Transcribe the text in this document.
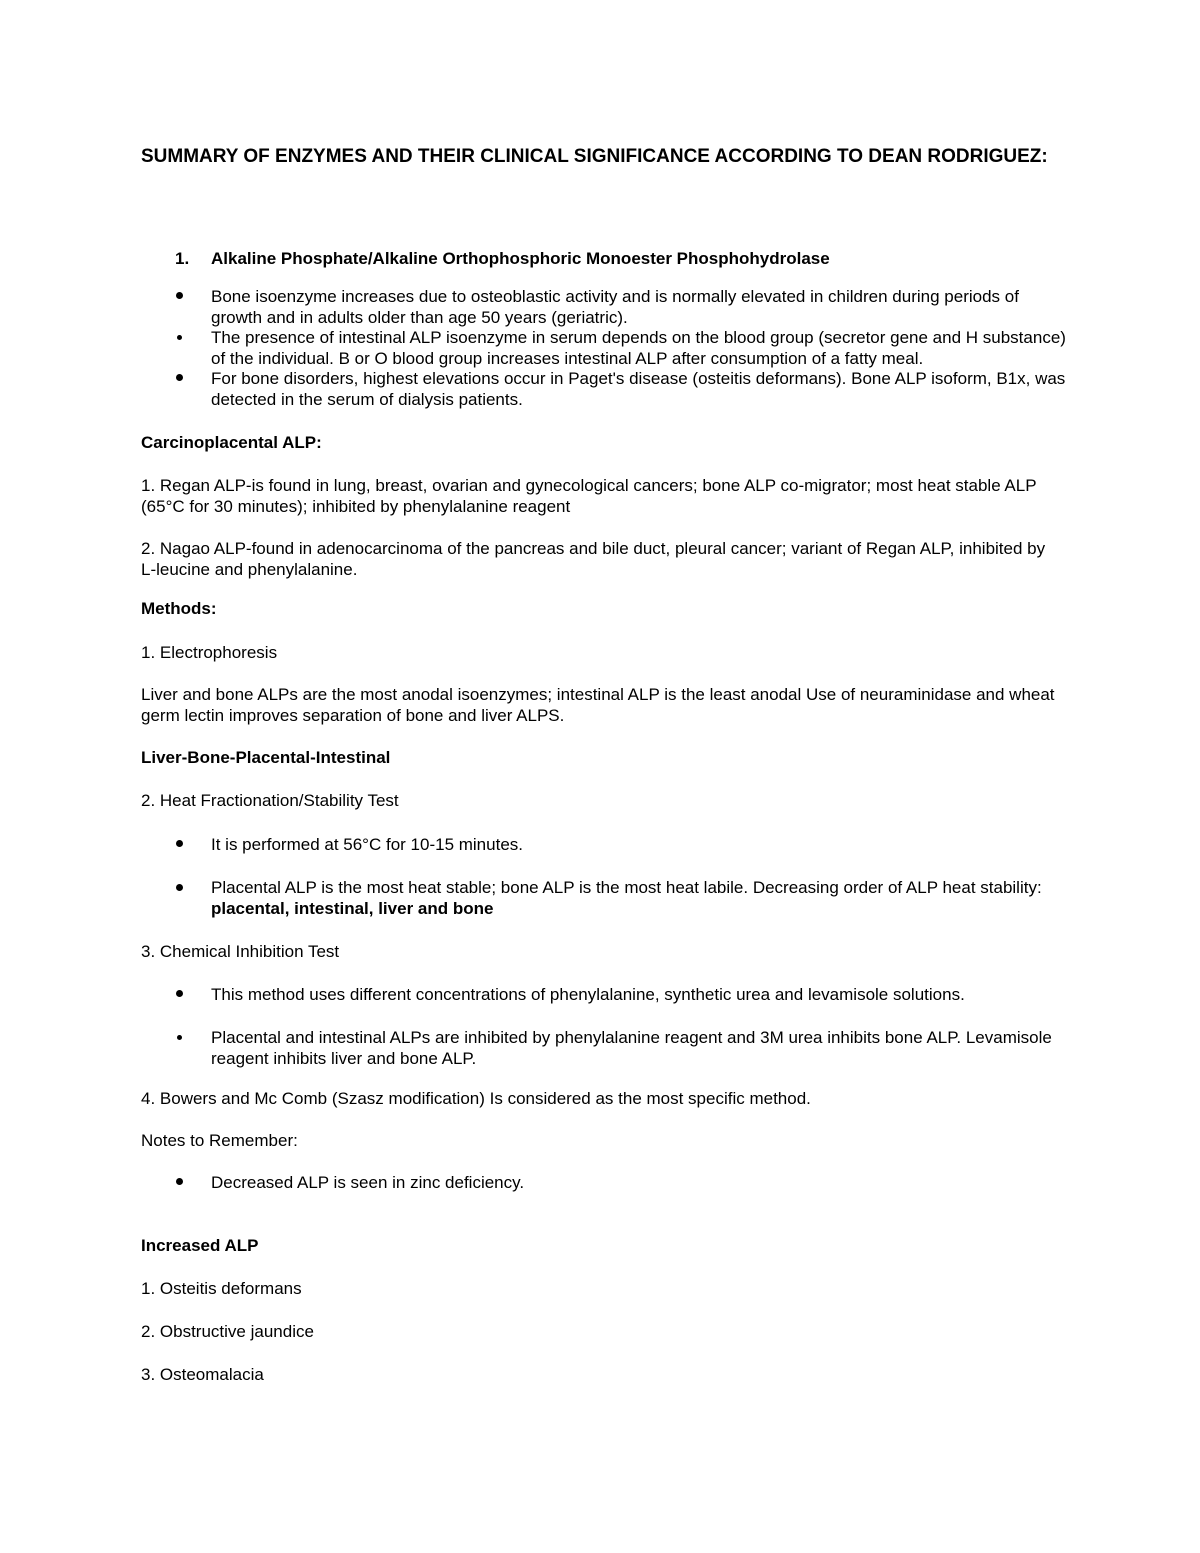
SUMMARY OF ENZYMES AND THEIR CLINICAL SIGNIFICANCE ACCORDING TO DEAN RODRIGUEZ:
1. Alkaline Phosphate/Alkaline Orthophosphoric Monoester Phosphohydrolase
Bone isoenzyme increases due to osteoblastic activity and is normally elevated in children during periods of growth and in adults older than age 50 years (geriatric).
The presence of intestinal ALP isoenzyme in serum depends on the blood group (secretor gene and H substance) of the individual. B or O blood group increases intestinal ALP after consumption of a fatty meal.
For bone disorders, highest elevations occur in Paget's disease (osteitis deformans). Bone ALP isoform, B1x, was detected in the serum of dialysis patients.
Carcinoplacental ALP:
1. Regan ALP-is found in lung, breast, ovarian and gynecological cancers; bone ALP co-migrator; most heat stable ALP (65°C for 30 minutes); inhibited by phenylalanine reagent
2. Nagao ALP-found in adenocarcinoma of the pancreas and bile duct, pleural cancer; variant of Regan ALP, inhibited by L-leucine and phenylalanine.
Methods:
1. Electrophoresis
Liver and bone ALPs are the most anodal isoenzymes; intestinal ALP is the least anodal Use of neuraminidase and wheat germ lectin improves separation of bone and liver ALPS.
Liver-Bone-Placental-Intestinal
2. Heat Fractionation/Stability Test
It is performed at 56°C for 10-15 minutes.
Placental ALP is the most heat stable; bone ALP is the most heat labile. Decreasing order of ALP heat stability: placental, intestinal, liver and bone
3. Chemical Inhibition Test
This method uses different concentrations of phenylalanine, synthetic urea and levamisole solutions.
Placental and intestinal ALPs are inhibited by phenylalanine reagent and 3M urea inhibits bone ALP. Levamisole reagent inhibits liver and bone ALP.
4. Bowers and Mc Comb (Szasz modification) Is considered as the most specific method.
Notes to Remember:
Decreased ALP is seen in zinc deficiency.
Increased ALP
1. Osteitis deformans
2. Obstructive jaundice
3. Osteomalacia
